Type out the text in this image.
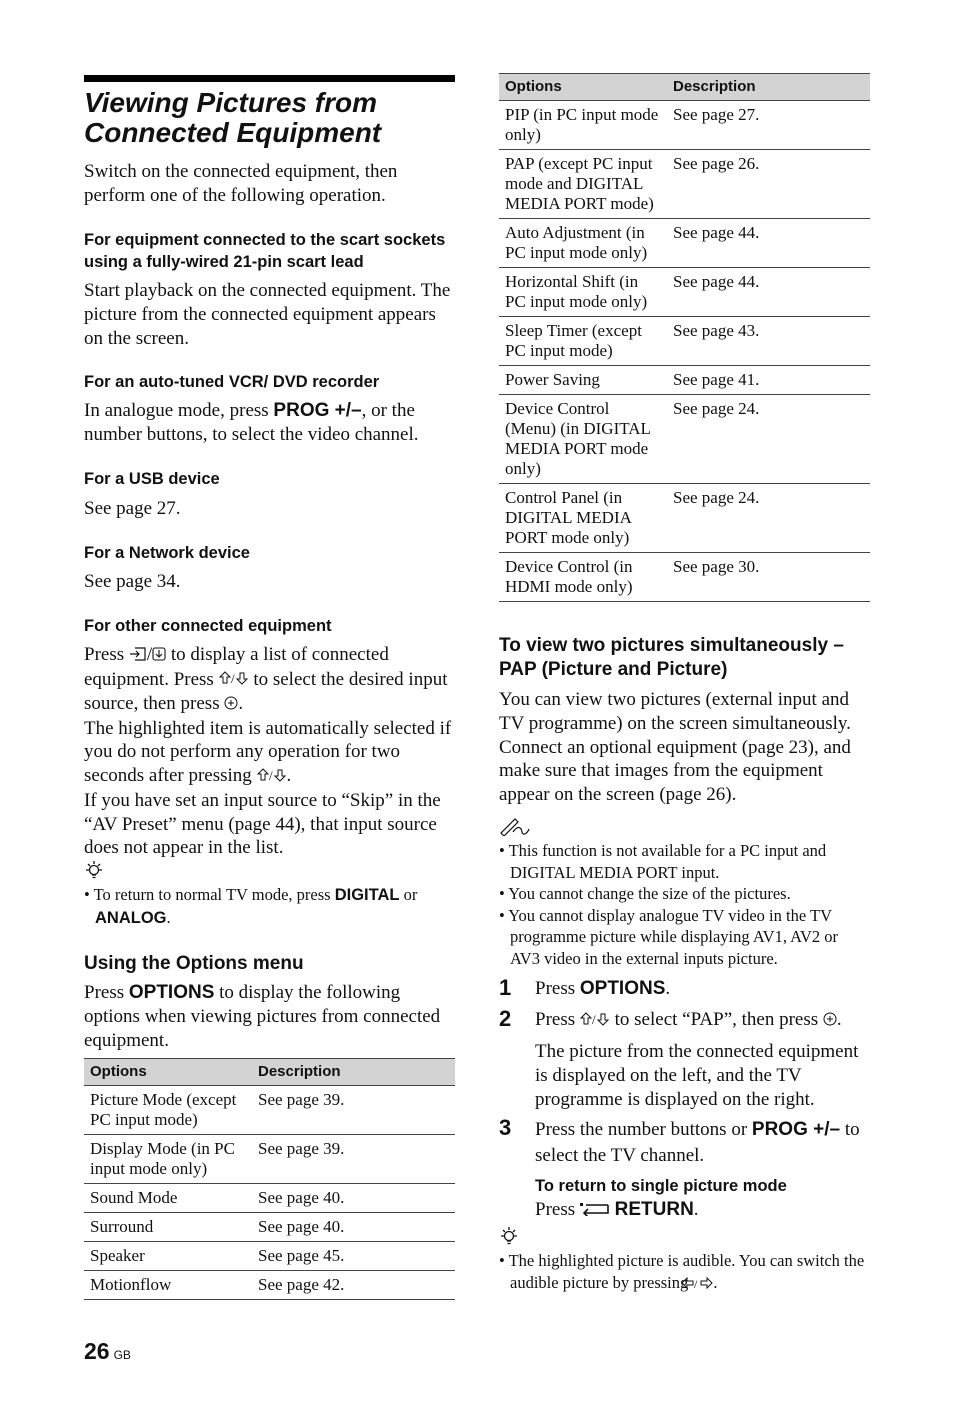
Viewing Pictures from Connected Equipment

Switch on the connected equipment, then perform one of the following operation.

For equipment connected to the scart sockets using a fully-wired 21-pin scart lead

Start playback on the connected equipment. The picture from the connected equipment appears on the screen.

For an auto-tuned VCR/ DVD recorder

In analogue mode, press PROG +/–, or the number buttons, to select the video channel.

For a USB device

See page 27.

For a Network device

See page 34.

For other connected equipment

Press / to display a list of connected equipment. Press / to select the desired input source, then press .

The highlighted item is automatically selected if you do not perform any operation for two seconds after pressing / .

If you have set an input source to “Skip” in the “AV Preset” menu (page 44), that input source does not appear in the list.

• To return to normal TV mode, press DIGITAL or
ANALOG.

Using the Options menu

Press OPTIONS to display the following options when viewing pictures from connected equipment.

Options	Description
Picture Mode (except PC input mode)	See page 39.
Display Mode (in PC input mode only)	See page 39.
Sound Mode	See page 40.
Surround	See page 40.
Speaker	See page 45.
Motionflow	See page 42.
26 GB
Options	Description
PIP (in PC input mode only)	See page 27.
PAP (except PC input mode and DIGITAL MEDIA PORT mode)	See page 26.
Auto Adjustment (in PC input mode only)	See page 44.
Horizontal Shift (in PC input mode only)	See page 44.
Sleep Timer (except PC input mode)	See page 43.
Power Saving	See page 41.
Device Control (Menu) (in DIGITAL MEDIA PORT mode only)	See page 24.
Control Panel (in DIGITAL MEDIA PORT mode only)	See page 24.
Device Control (in HDMI mode only)	See page 30.

To view two pictures simultaneously – PAP (Picture and Picture)

You can view two pictures (external input and TV programme) on the screen simultaneously. Connect an optional equipment (page 23), and make sure that images from the equipment appear on the screen (page 26).

• This function is not available for a PC input and DIGITAL MEDIA PORT input.

• You cannot change the size of the pictures.

• You cannot display analogue TV video in the TV programme picture while displaying AV1, AV2 or AV3 video in the external inputs picture.

1 Press OPTIONS.

2 Press / to select “PAP”, then press .

The picture from the connected equipment is displayed on the left, and the TV programme is displayed on the right.

3 Press the number buttons or PROG +/– to select the TV channel.

To return to single picture mode

Press  RETURN.

• The highlighted picture is audible. You can switch the audible picture by pressing / .
